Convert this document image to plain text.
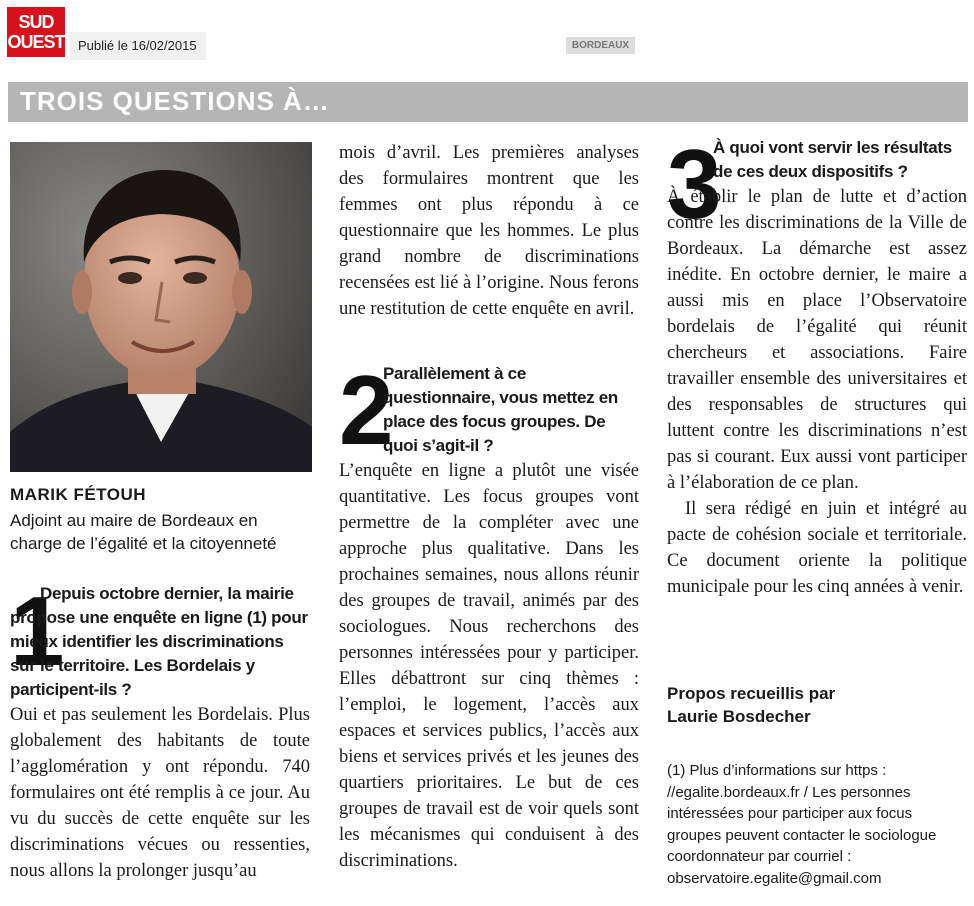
SUD
OUEST	Publié le 16/02/2015	BORDEAUX
TROIS QUESTIONS À…
MARIK FÉTOUH
Adjoint au maire de Bordeaux en charge de l’égalité et la citoyenneté
1
Depuis octobre dernier, la mairie propose une enquête en ligne (1) pour mieux identifier les discriminations sur le territoire. Les Bordelais y participent-ils ?

Oui et pas seulement les Bordelais. Plus globalement des habitants de toute l’agglomération y ont répondu. 740 formulaires ont été remplis à ce jour. Au vu du succès de cette enquête sur les discriminations vécues ou ressenties, nous allons la prolonger jusqu’au

mois d’avril. Les premières analyses des formulaires montrent que les femmes ont plus répondu à ce questionnaire que les hommes. Le plus grand nombre de discriminations recensées est lié à l’origine. Nous ferons une restitution de cette enquête en avril.
2
Parallèlement à ce questionnaire, vous mettez en place des focus groupes. De quoi s’agit-il ?

L’enquête en ligne a plutôt une visée quantitative. Les focus groupes vont permettre de la compléter avec une approche plus qualitative. Dans les prochaines semaines, nous allons réunir des groupes de travail, animés par des sociologues. Nous recherchons des personnes intéressées pour y participer. Elles débattront sur cinq thèmes : l’emploi, le logement, l’accès aux espaces et services publics, l’accès aux biens et services privés et les jeunes des quartiers prioritaires. Le but de ces groupes de travail est de voir quels sont les mécanismes qui conduisent à des discriminations.

3
À quoi vont servir les résultats de ces deux dispositifs ?

À établir le plan de lutte et d’action contre les discriminations de la Ville de Bordeaux. La démarche est assez inédite. En octobre dernier, le maire a aussi mis en place l’Observatoire bordelais de l’égalité qui réunit chercheurs et associations. Faire travailler ensemble des universitaires et des responsables de structures qui luttent contre les discriminations n’est pas si courant. Eux aussi vont participer à l’élaboration de ce plan.

Il sera rédigé en juin et intégré au pacte de cohésion sociale et territoriale. Ce document oriente la politique municipale pour les cinq années à venir.

Propos recueillis par
Laurie Bosdecher
(1) Plus d’informations sur https : //egalite.bordeaux.fr / Les personnes intéressées pour participer aux focus groupes peuvent contacter le sociologue coordonnateur par courriel : observatoire.egalite@gmail.com
